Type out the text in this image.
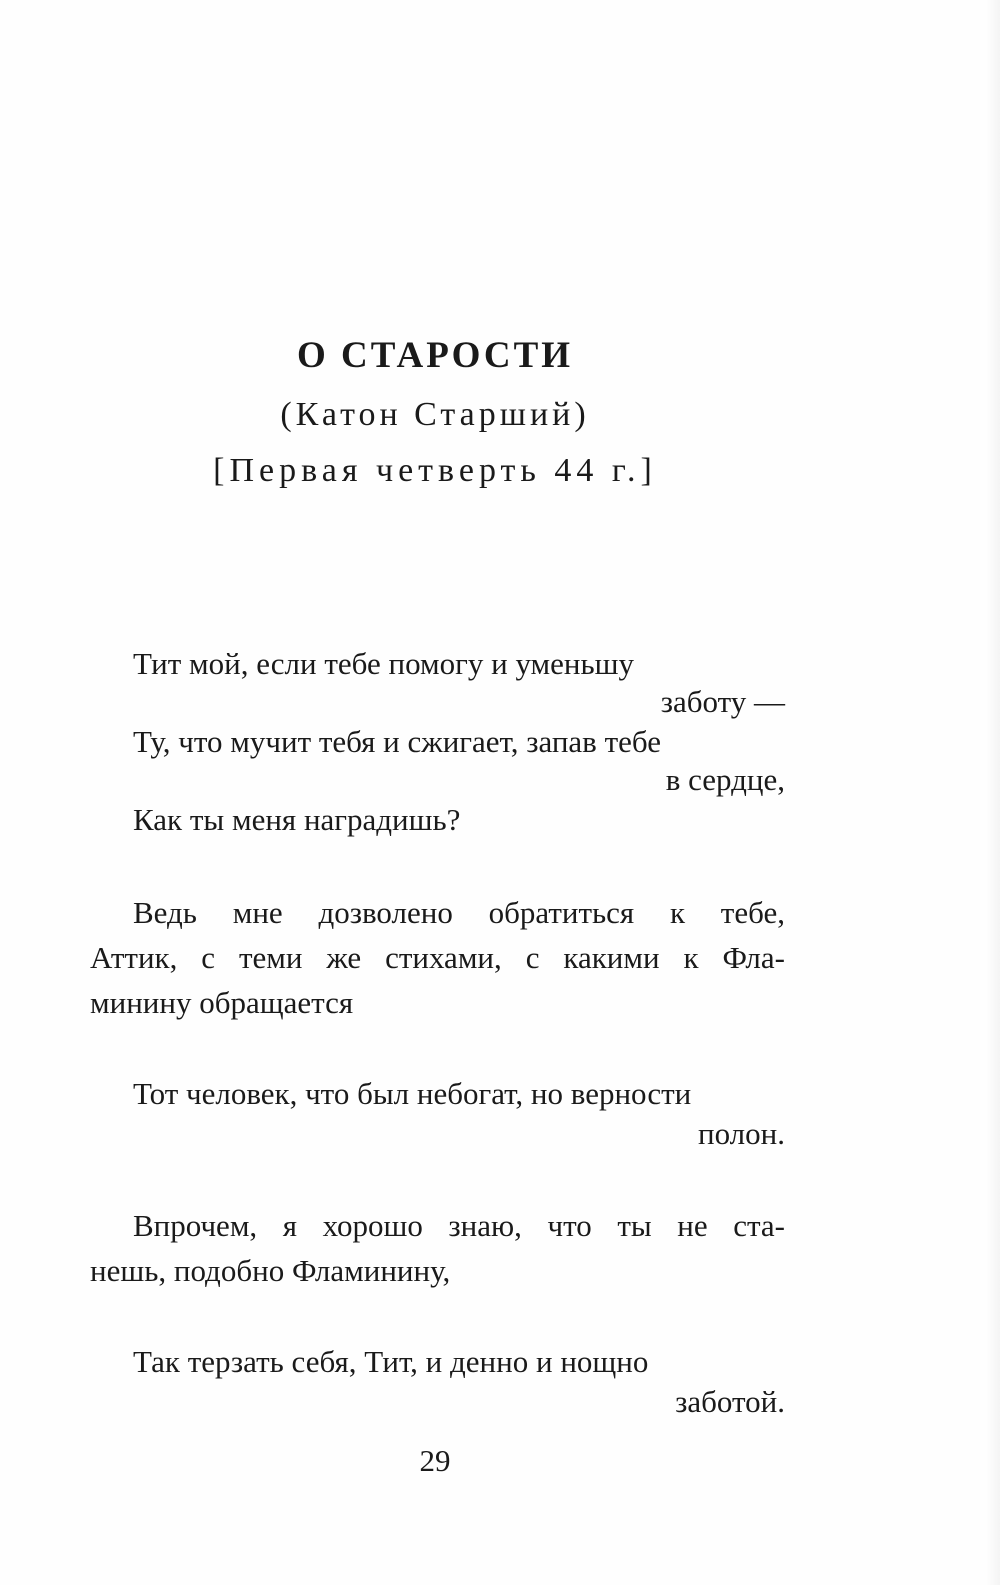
О СТАРОСТИ
(Катон Старший)
[Первая четверть 44 г.]
Тит мой, если тебе помогу и уменьшу
заботу —
Ту, что мучит тебя и сжигает, запав тебе
в сердце,
Как ты меня наградишь?
Ведь мне дозволено обратиться к тебе,
Аттик, с теми же стихами, с какими к Фла-
минину обращается
Тот человек, что был небогат, но верности
полон.
Впрочем, я хорошо знаю, что ты не ста-
нешь, подобно Фламинину,
Так терзать себя, Тит, и денно и нощно
заботой.
29
